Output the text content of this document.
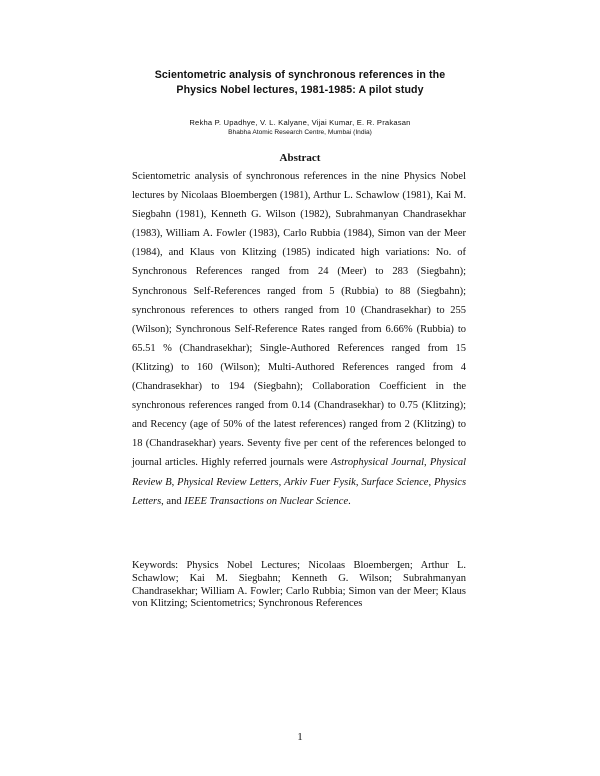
Scientometric analysis of synchronous references in the
Physics Nobel lectures, 1981-1985: A pilot study
Rekha P. Upadhye, V. L. Kalyane, Vijai Kumar, E. R. Prakasan
Bhabha Atomic Research Centre, Mumbai (India)
Abstract

Scientometric analysis of synchronous references in the nine Physics Nobel lectures by Nicolaas Bloembergen (1981), Arthur L. Schawlow (1981), Kai M. Siegbahn (1981), Kenneth G. Wilson (1982), Subrahmanyan Chandrasekhar (1983), William A. Fowler (1983), Carlo Rubbia (1984), Simon van der Meer (1984), and Klaus von Klitzing (1985) indicated high variations: No. of Synchronous References ranged from 24 (Meer) to 283 (Siegbahn); Synchronous Self-References ranged from 5 (Rubbia) to 88 (Siegbahn); synchronous references to others ranged from 10 (Chandrasekhar) to 255 (Wilson); Synchronous Self-Reference Rates ranged from 6.66% (Rubbia) to 65.51 % (Chandrasekhar); Single-Authored References ranged from 15 (Klitzing) to 160 (Wilson); Multi-Authored References ranged from 4 (Chandrasekhar) to 194 (Siegbahn); Collaboration Coefficient in the synchronous references ranged from 0.14 (Chandrasekhar) to 0.75 (Klitzing); and Recency (age of 50% of the latest references) ranged from 2 (Klitzing) to 18 (Chandrasekhar) years. Seventy five per cent of the references belonged to journal articles. Highly referred journals were Astrophysical Journal, Physical Review B, Physical Review Letters, Arkiv Fuer Fysik, Surface Science, Physics Letters, and IEEE Transactions on Nuclear Science.

Keywords: Physics Nobel Lectures; Nicolaas Bloembergen; Arthur L. Schawlow; Kai M. Siegbahn; Kenneth G. Wilson; Subrahmanyan Chandrasekhar; William A. Fowler; Carlo Rubbia; Simon van der Meer; Klaus von Klitzing; Scientometrics; Synchronous References

1
